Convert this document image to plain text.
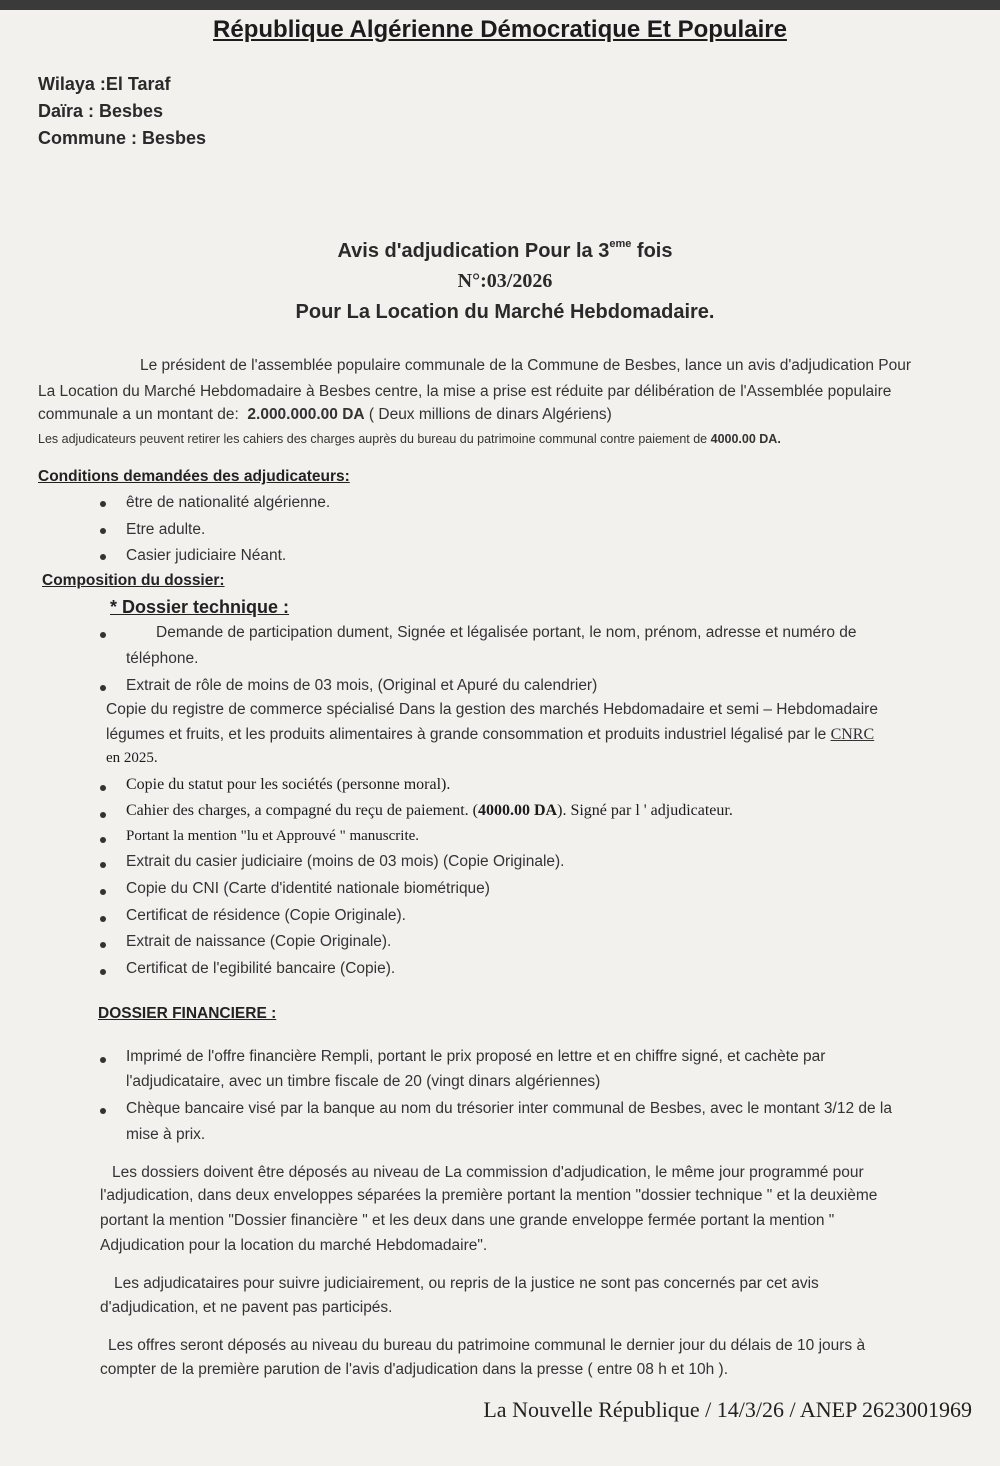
République Algérienne Démocratique Et Populaire
Wilaya :El Taraf
Daïra : Besbes
Commune : Besbes
Avis d'adjudication Pour la 3eme fois
N°:03/2026
Pour La Location du Marché Hebdomadaire.
Le président de l'assemblée populaire communale de la Commune de Besbes, lance un avis d'adjudication Pour
La Location du Marché Hebdomadaire à Besbes centre, la mise a prise est réduite par délibération de l'Assemblée populaire
communale a un montant de: 2.000.000.00 DA ( Deux millions de dinars Algériens)
Les adjudicateurs peuvent retirer les cahiers des charges auprès du bureau du patrimoine communal contre paiement de 4000.00 DA.
Conditions demandées des adjudicateurs:
être de nationalité algérienne.
Etre adulte.
Casier judiciaire Néant.
Composition du dossier:
* Dossier technique :
Demande de participation dument, Signée et légalisée portant, le nom, prénom, adresse et numéro de
téléphone.
Extrait de rôle de moins de 03 mois, (Original et Apuré du calendrier)
Copie du registre de commerce spécialisé Dans la gestion des marchés Hebdomadaire et semi – Hebdomadaire
légumes et fruits, et les produits alimentaires à grande consommation et produits industriel légalisé par le CNRC
en 2025.
Copie du statut pour les sociétés (personne moral).
Cahier des charges, a compagné du reçu de paiement. (4000.00 DA). Signé par l ' adjudicateur.
Portant la mention "lu et Approuvé " manuscrite.
Extrait du casier judiciaire (moins de 03 mois) (Copie Originale).
Copie du CNI (Carte d'identité nationale biométrique)
Certificat de résidence (Copie Originale).
Extrait de naissance (Copie Originale).
Certificat de l'egibilité bancaire (Copie).
DOSSIER FINANCIERE :
Imprimé de l'offre financière Rempli, portant le prix proposé en lettre et en chiffre signé, et cachète par
l'adjudicataire, avec un timbre fiscale de 20 (vingt dinars algériennes)
Chèque bancaire visé par la banque au nom du trésorier inter communal de Besbes, avec le montant 3/12 de la
mise à prix.
Les dossiers doivent être déposés au niveau de La commission d'adjudication, le même jour programmé pour
l'adjudication, dans deux enveloppes séparées la première portant la mention "dossier technique " et la deuxième
portant la mention "Dossier financière " et les deux dans une grande enveloppe fermée portant la mention "
Adjudication pour la location du marché Hebdomadaire".
Les adjudicataires pour suivre judiciairement, ou repris de la justice ne sont pas concernés par cet avis
d'adjudication, et ne pavent pas participés.
Les offres seront déposés au niveau du bureau du patrimoine communal le dernier jour du délais de 10 jours à
compter de la première parution de l'avis d'adjudication dans la presse ( entre 08 h et 10h ).
La Nouvelle République / 14/3/26 / ANEP 2623001969
